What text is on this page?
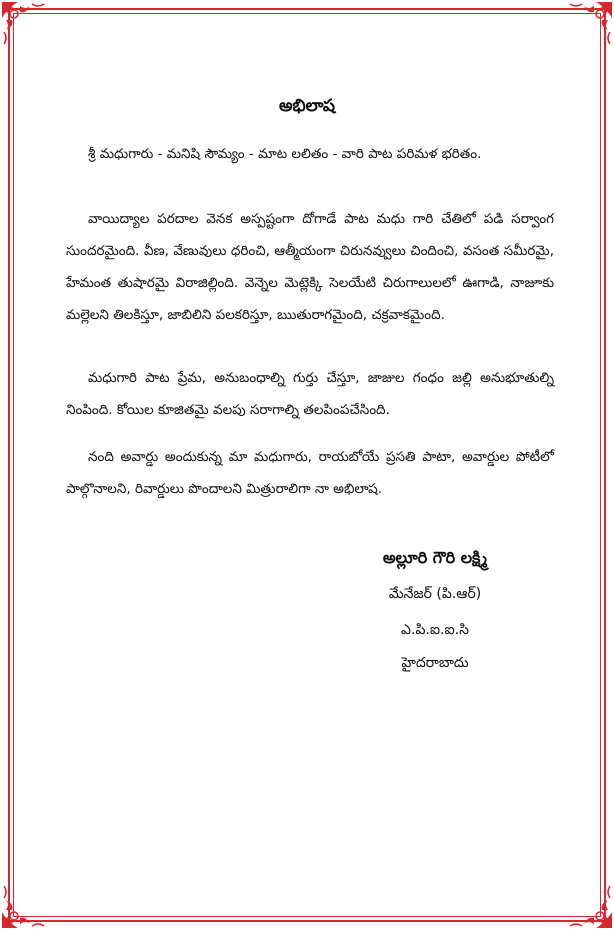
అభిలాష

శ్రీ మధుగారు - మనిషి సౌమ్యం - మాట లలితం - వారి పాట పరిమళ భరితం.

వాయిద్యాల పరదాల వెనక అస్పష్టంగా దోగాడే పాట మధు గారి చేతిలో పడి సర్వాంగ సుందరమైంది. వీణ, వేణువులు ధరించి, ఆత్మీయంగా చిరునవ్వులు చిందించి, వసంత సమీరమై, హేమంత తుషారమై విరాజిల్లింది. వెన్నెల మెట్లెక్కి సెలయేటి చిరుగాలులలో ఊగాడి, నాజూకు మల్లెలని తిలకిస్తూ, జాబిలిని పలకరిస్తూ, ఋతురాగమైంది, చక్రవాకమైంది.

మధుగారి పాట ప్రేమ, అనుబంధాల్ని గుర్తు చేస్తూ, జాజుల గంధం జల్లి అనుభూతుల్ని నింపింది. కోయిల కూజితమై వలపు సరాగాల్ని తలపింపచేసింది.

నంది అవార్డు అందుకున్న మా మధుగారు, రాయబోయే ప్రసతి పాటా, అవార్డుల పోటీలో పాల్గొనాలని, రివార్డులు పొందాలని మిత్రురాలిగా నా అభిలాష.

అల్లూరి గౌరి లక్ష్మి
మేనేజర్ (పి.ఆర్)
ఎ.పి.ఐ.ఐ.సి
హైదరాబాదు
